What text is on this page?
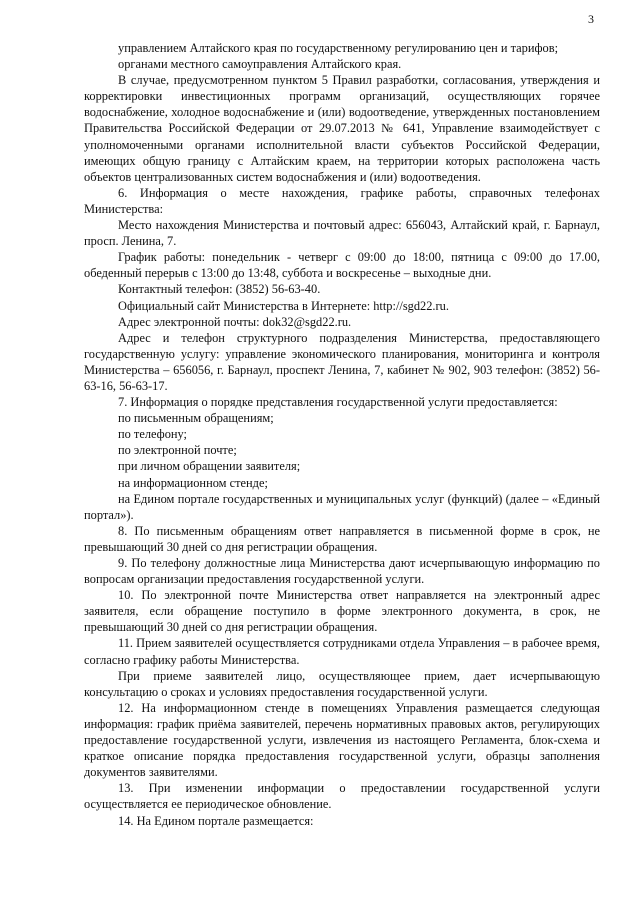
3

управлением Алтайского края по государственному регулированию цен и тарифов;

органами местного самоуправления Алтайского края.

В случае, предусмотренном пунктом 5 Правил разработки, согласования, утверждения и корректировки инвестиционных программ организаций, осуществляющих горячее водоснабжение, холодное водоснабжение и (или) водоотведение, утвержденных постановлением Правительства Российской Федерации от 29.07.2013 № 641, Управление взаимодействует с уполномоченными органами исполнительной власти субъектов Российской Федерации, имеющих общую границу с Алтайским краем, на территории которых расположена часть объектов централизованных систем водоснабжения и (или) водоотведения.

6. Информация о месте нахождения, графике работы, справочных телефонах Министерства:

Место нахождения Министерства и почтовый адрес: 656043, Алтайский край, г. Барнаул, просп. Ленина, 7.

График работы: понедельник - четверг с 09:00 до 18:00, пятница с 09:00 до 17.00, обеденный перерыв с 13:00 до 13:48, суббота и воскресенье – выходные дни.

Контактный телефон: (3852) 56-63-40.

Официальный сайт Министерства в Интернете: http://sgd22.ru.

Адрес электронной почты: dok32@sgd22.ru.

Адрес и телефон структурного подразделения Министерства, предоставляющего государственную услугу: управление экономического планирования, мониторинга и контроля Министерства – 656056, г. Барнаул, проспект Ленина, 7, кабинет № 902, 903 телефон: (3852) 56-63-16, 56-63-17.

7. Информация о порядке представления государственной услуги предоставляется:

по письменным обращениям;

по телефону;

по электронной почте;

при личном обращении заявителя;

на информационном стенде;

на Едином портале государственных и муниципальных услуг (функций) (далее – «Единый портал»).

8. По письменным обращениям ответ направляется в письменной форме в срок, не превышающий 30 дней со дня регистрации обращения.

9. По телефону должностные лица Министерства дают исчерпывающую информацию по вопросам организации предоставления государственной услуги.

10. По электронной почте Министерства ответ направляется на электронный адрес заявителя, если обращение поступило в форме электронного документа, в срок, не превышающий 30 дней со дня регистрации обращения.

11. Прием заявителей осуществляется сотрудниками отдела Управления – в рабочее время, согласно графику работы Министерства.

При приеме заявителей лицо, осуществляющее прием, дает исчерпывающую консультацию о сроках и условиях предоставления государственной услуги.

12. На информационном стенде в помещениях Управления размещается следующая информация: график приёма заявителей, перечень нормативных правовых актов, регулирующих предоставление государственной услуги, извлечения из настоящего Регламента, блок-схема и краткое описание порядка предоставления государственной услуги, образцы заполнения документов заявителями.

13. При изменении информации о предоставлении государственной услуги осуществляется ее периодическое обновление.

14. На Едином портале размещается:
